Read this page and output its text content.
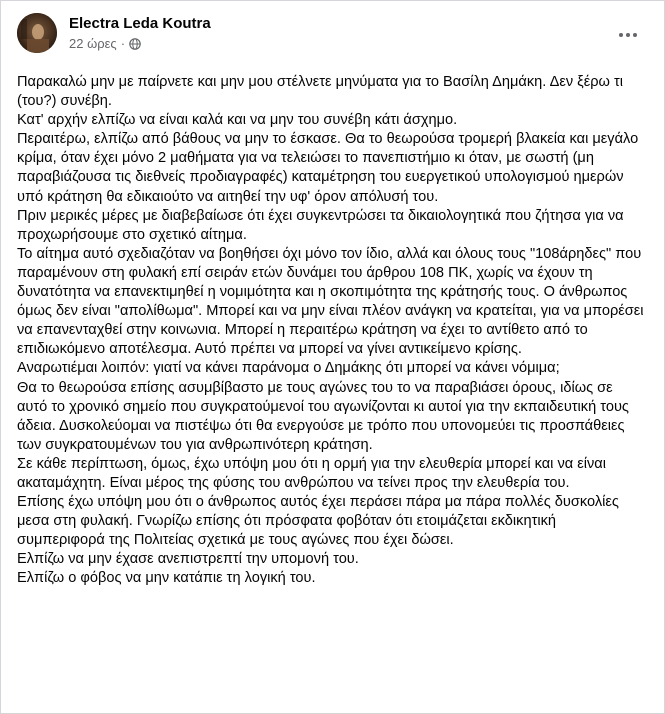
Electra Leda Koutra
22 ώρες ·

Παρακαλώ μην με παίρνετε και μην μου στέλνετε μηνύματα για το Βασίλη Δημάκη. Δεν ξέρω τι (του?) συνέβη.

Κατ' αρχήν ελπίζω να είναι καλά και να μην του συνέβη κάτι άσχημο.

Περαιτέρω, ελπίζω από βάθους να μην το έσκασε. Θα το θεωρούσα τρομερή βλακεία και μεγάλο κρίμα, όταν έχει μόνο 2 μαθήματα για να τελειώσει το πανεπιστήμιο κι όταν, με σωστή (μη παραβιάζουσα τις διεθνείς προδιαγραφές) καταμέτρηση του ευεργετικού υπολογισμού ημερών υπό κράτηση θα εδικαιούτο να αιτηθεί την υφ' όρον απόλυσή του.

Πριν μερικές μέρες με διαβεβαίωσε ότι έχει συγκεντρώσει τα δικαιολογητικά που ζήτησα για να προχωρήσουμε στο σχετικό αίτημα.

Το αίτημα αυτό σχεδιαζόταν να βοηθήσει όχι μόνο τον ίδιο, αλλά και όλους τους "108άρηδες" που παραμένουν στη φυλακή επί σειράν ετών δυνάμει του άρθρου 108 ΠΚ, χωρίς να έχουν τη δυνατότητα να επανεκτιμηθεί η νομιμότητα και η σκοπιμότητα της κράτησής τους. Ο άνθρωπος όμως δεν είναι "απολίθωμα". Μπορεί και να μην είναι πλέον ανάγκη να κρατείται, για να μπορέσει να επανενταχθεί στην κοινωνια. Μπορεί η περαιτέρω κράτηση να έχει το αντίθετο από το επιδιωκόμενο αποτέλεσμα. Αυτό πρέπει να μπορεί να γίνει αντικείμενο κρίσης.

Αναρωτιέμαι λοιπόν: γιατί να κάνει παράνομα ο Δημάκης ότι μπορεί να κάνει νόμιμα;

Θα το θεωρούσα επίσης ασυμβίβαστο με τους αγώνες του το να παραβιάσει όρους, ιδίως σε αυτό το χρονικό σημείο που συγκρατούμενοί του αγωνίζονται κι αυτοί για την εκπαιδευτική τους άδεια. Δυσκολεύομαι να πιστέψω ότι θα ενεργούσε με τρόπο που υπονομεύει τις προσπάθειες των συγκρατουμένων του για ανθρωπινότερη κράτηση.

Σε κάθε περίπτωση, όμως, έχω υπόψη μου ότι η ορμή για την ελευθερία μπορεί και να είναι ακαταμάχητη. Είναι μέρος της φύσης του ανθρώπου να τείνει προς την ελευθερία του.

Επίσης έχω υπόψη μου ότι ο άνθρωπος αυτός έχει περάσει πάρα μα πάρα πολλές δυσκολίες μεσα στη φυλακή. Γνωρίζω επίσης ότι πρόσφατα φοβόταν ότι ετοιμάζεται εκδικητική συμπεριφορά της Πολιτείας σχετικά με τους αγώνες που έχει δώσει.

Ελπίζω να μην έχασε ανεπιστρεπτί την υπομονή του.

Ελπίζω ο φόβος να μην κατάπιε τη λογική του.
